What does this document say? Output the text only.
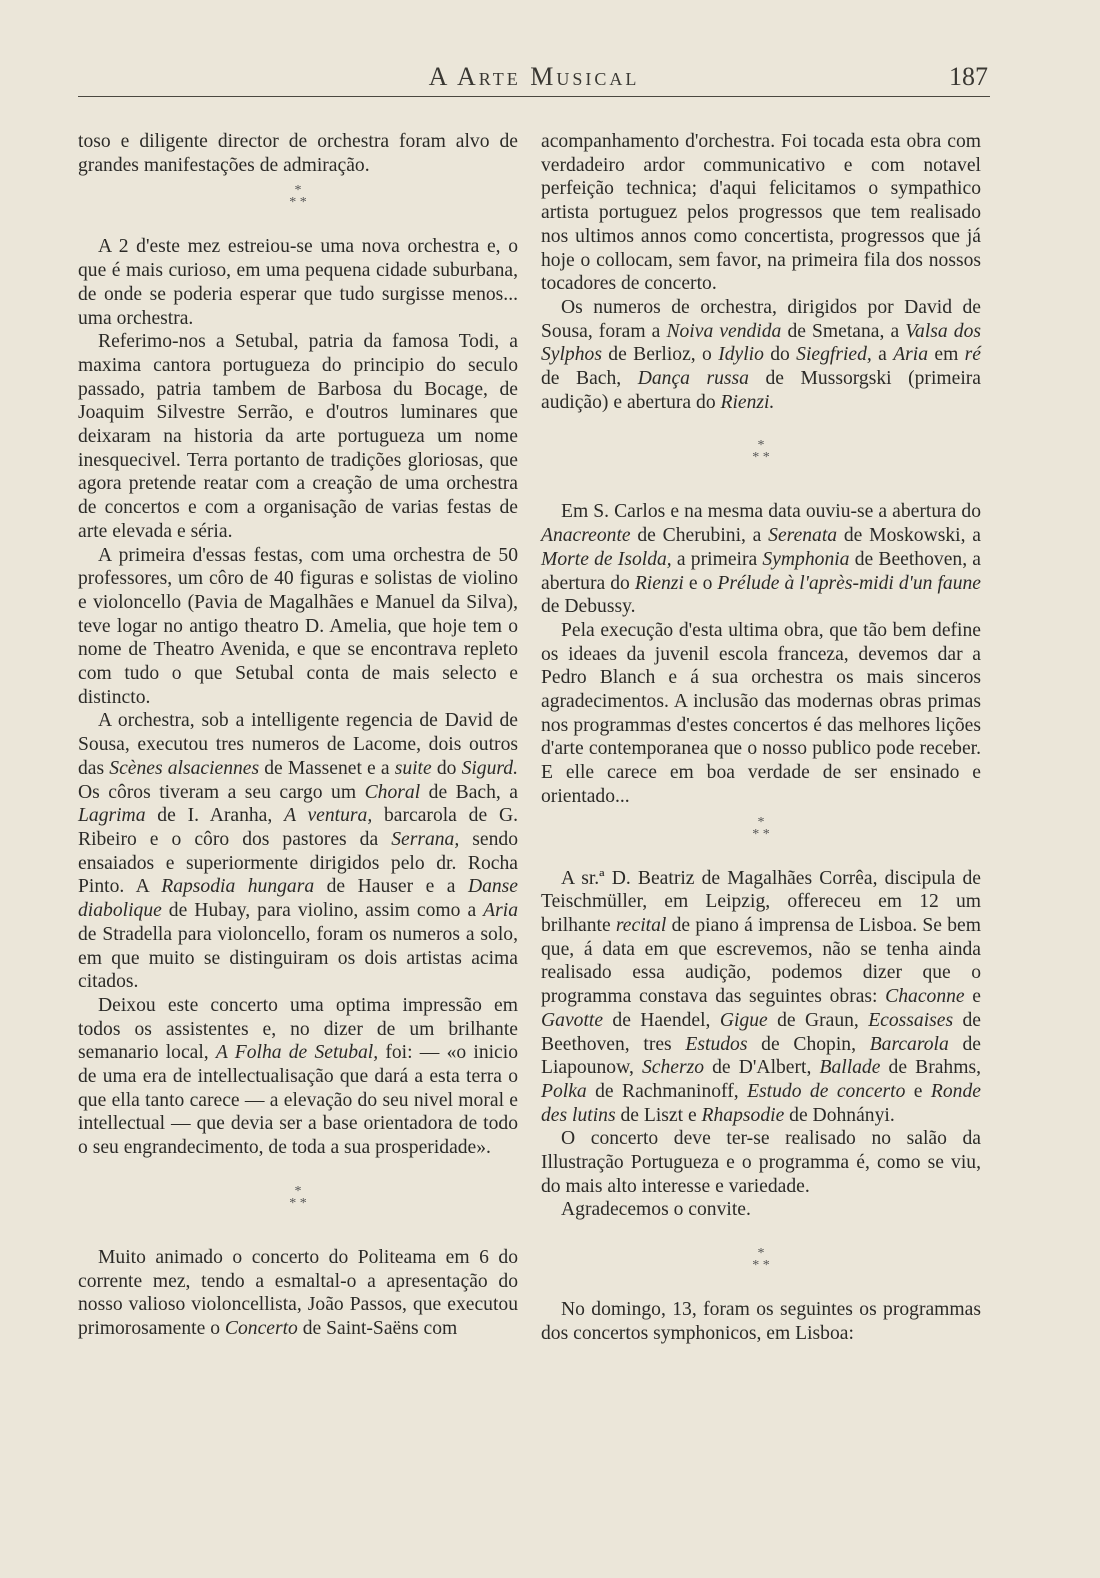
A Arte Musical	187

toso e diligente director de orchestra foram alvo de grandes manifestações de admiração.

*
* *

A 2 d'este mez estreiou-se uma nova orchestra e, o que é mais curioso, em uma pequena cidade suburbana, de onde se poderia esperar que tudo surgisse menos... uma orchestra.

Referimo-nos a Setubal, patria da famosa Todi, a maxima cantora portugueza do principio do seculo passado, patria tambem de Barbosa du Bocage, de Joaquim Silvestre Serrão, e d'outros luminares que deixaram na historia da arte portugueza um nome inesquecivel. Terra portanto de tradições gloriosas, que agora pretende reatar com a creação de uma orchestra de concertos e com a organisação de varias festas de arte elevada e séria.

A primeira d'essas festas, com uma orchestra de 50 professores, um côro de 40 figuras e solistas de violino e violoncello (Pavia de Magalhães e Manuel da Silva), teve logar no antigo theatro D. Amelia, que hoje tem o nome de Theatro Avenida, e que se encontrava repleto com tudo o que Setubal conta de mais selecto e distincto.

A orchestra, sob a intelligente regencia de David de Sousa, executou tres numeros de Lacome, dois outros das Scènes alsaciennes de Massenet e a suite do Sigurd. Os côros tiveram a seu cargo um Choral de Bach, a Lagrima de I. Aranha, A ventura, barcarola de G. Ribeiro e o côro dos pastores da Serrana, sendo ensaiados e superiormente dirigidos pelo dr. Rocha Pinto. A Rapsodia hungara de Hauser e a Danse diabolique de Hubay, para violino, assim como a Aria de Stradella para violoncello, foram os numeros a solo, em que muito se distinguiram os dois artistas acima citados.

Deixou este concerto uma optima impressão em todos os assistentes e, no dizer de um brilhante semanario local, A Folha de Setubal, foi: — «o inicio de uma era de intellectualisação que dará a esta terra o que ella tanto carece — a elevação do seu nivel moral e intellectual — que devia ser a base orientadora de todo o seu engrandecimento, de toda a sua prosperidade».

*
* *

Muito animado o concerto do Politeama em 6 do corrente mez, tendo a esmaltal-o a apresentação do nosso valioso violoncellista, João Passos, que executou primorosamente o Concerto de Saint-Saëns com

acompanhamento d'orchestra. Foi tocada esta obra com verdadeiro ardor communicativo e com notavel perfeição technica; d'aqui felicitamos o sympathico artista portuguez pelos progressos que tem realisado nos ultimos annos como concertista, progressos que já hoje o collocam, sem favor, na primeira fila dos nossos tocadores de concerto.

Os numeros de orchestra, dirigidos por David de Sousa, foram a Noiva vendida de Smetana, a Valsa dos Sylphos de Berlioz, o Idylio do Siegfried, a Aria em ré de Bach, Dança russa de Mussorgski (primeira audição) e abertura do Rienzi.

*
* *

Em S. Carlos e na mesma data ouviu-se a abertura do Anacreonte de Cherubini, a Serenata de Moskowski, a Morte de Isolda, a primeira Symphonia de Beethoven, a abertura do Rienzi e o Prélude à l'après-midi d'un faune de Debussy.

Pela execução d'esta ultima obra, que tão bem define os ideaes da juvenil escola franceza, devemos dar a Pedro Blanch e á sua orchestra os mais sinceros agradecimentos. A inclusão das modernas obras primas nos programmas d'estes concertos é das melhores lições d'arte contemporanea que o nosso publico pode receber. E elle carece em boa verdade de ser ensinado e orientado...

*
* *

A sr.ª D. Beatriz de Magalhães Corrêa, discipula de Teischmüller, em Leipzig, offereceu em 12 um brilhante recital de piano á imprensa de Lisboa. Se bem que, á data em que escrevemos, não se tenha ainda realisado essa audição, podemos dizer que o programma constava das seguintes obras: Chaconne e Gavotte de Haendel, Gigue de Graun, Ecossaises de Beethoven, tres Estudos de Chopin, Barcarola de Liapounow, Scherzo de D'Albert, Ballade de Brahms, Polka de Rachmaninoff, Estudo de concerto e Ronde des lutins de Liszt e Rhapsodie de Dohnányi.

O concerto deve ter-se realisado no salão da Illustração Portugueza e o programma é, como se viu, do mais alto interesse e variedade.

Agradecemos o convite.

*
* *

No domingo, 13, foram os seguintes os programmas dos concertos symphonicos, em Lisboa:
